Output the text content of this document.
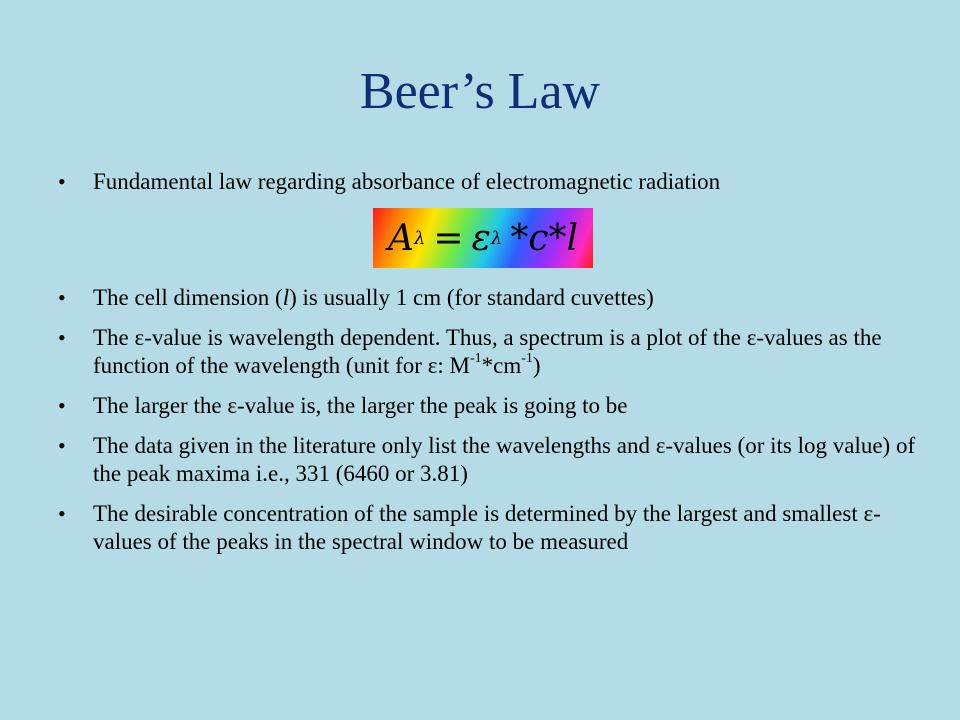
Beer’s Law
• Fundamental law regarding absorbance of electromagnetic radiation
A λ = ε λ * c * l
• The cell dimension (l) is usually 1 cm (for standard cuvettes)
• The ε-value is wavelength dependent. Thus, a spectrum is a plot of the ε-values as the function of the wavelength (unit for ε: $M^{-1}*cm^{-1}$)
• The larger the ε-value is, the larger the peak is going to be
• The data given in the literature only list the wavelengths and ε-values (or its log value) of the peak maxima i.e., 331 (6460 or 3.81)
• The desirable concentration of the sample is determined by the largest and smallest ε-values of the peaks in the spectral window to be measured
